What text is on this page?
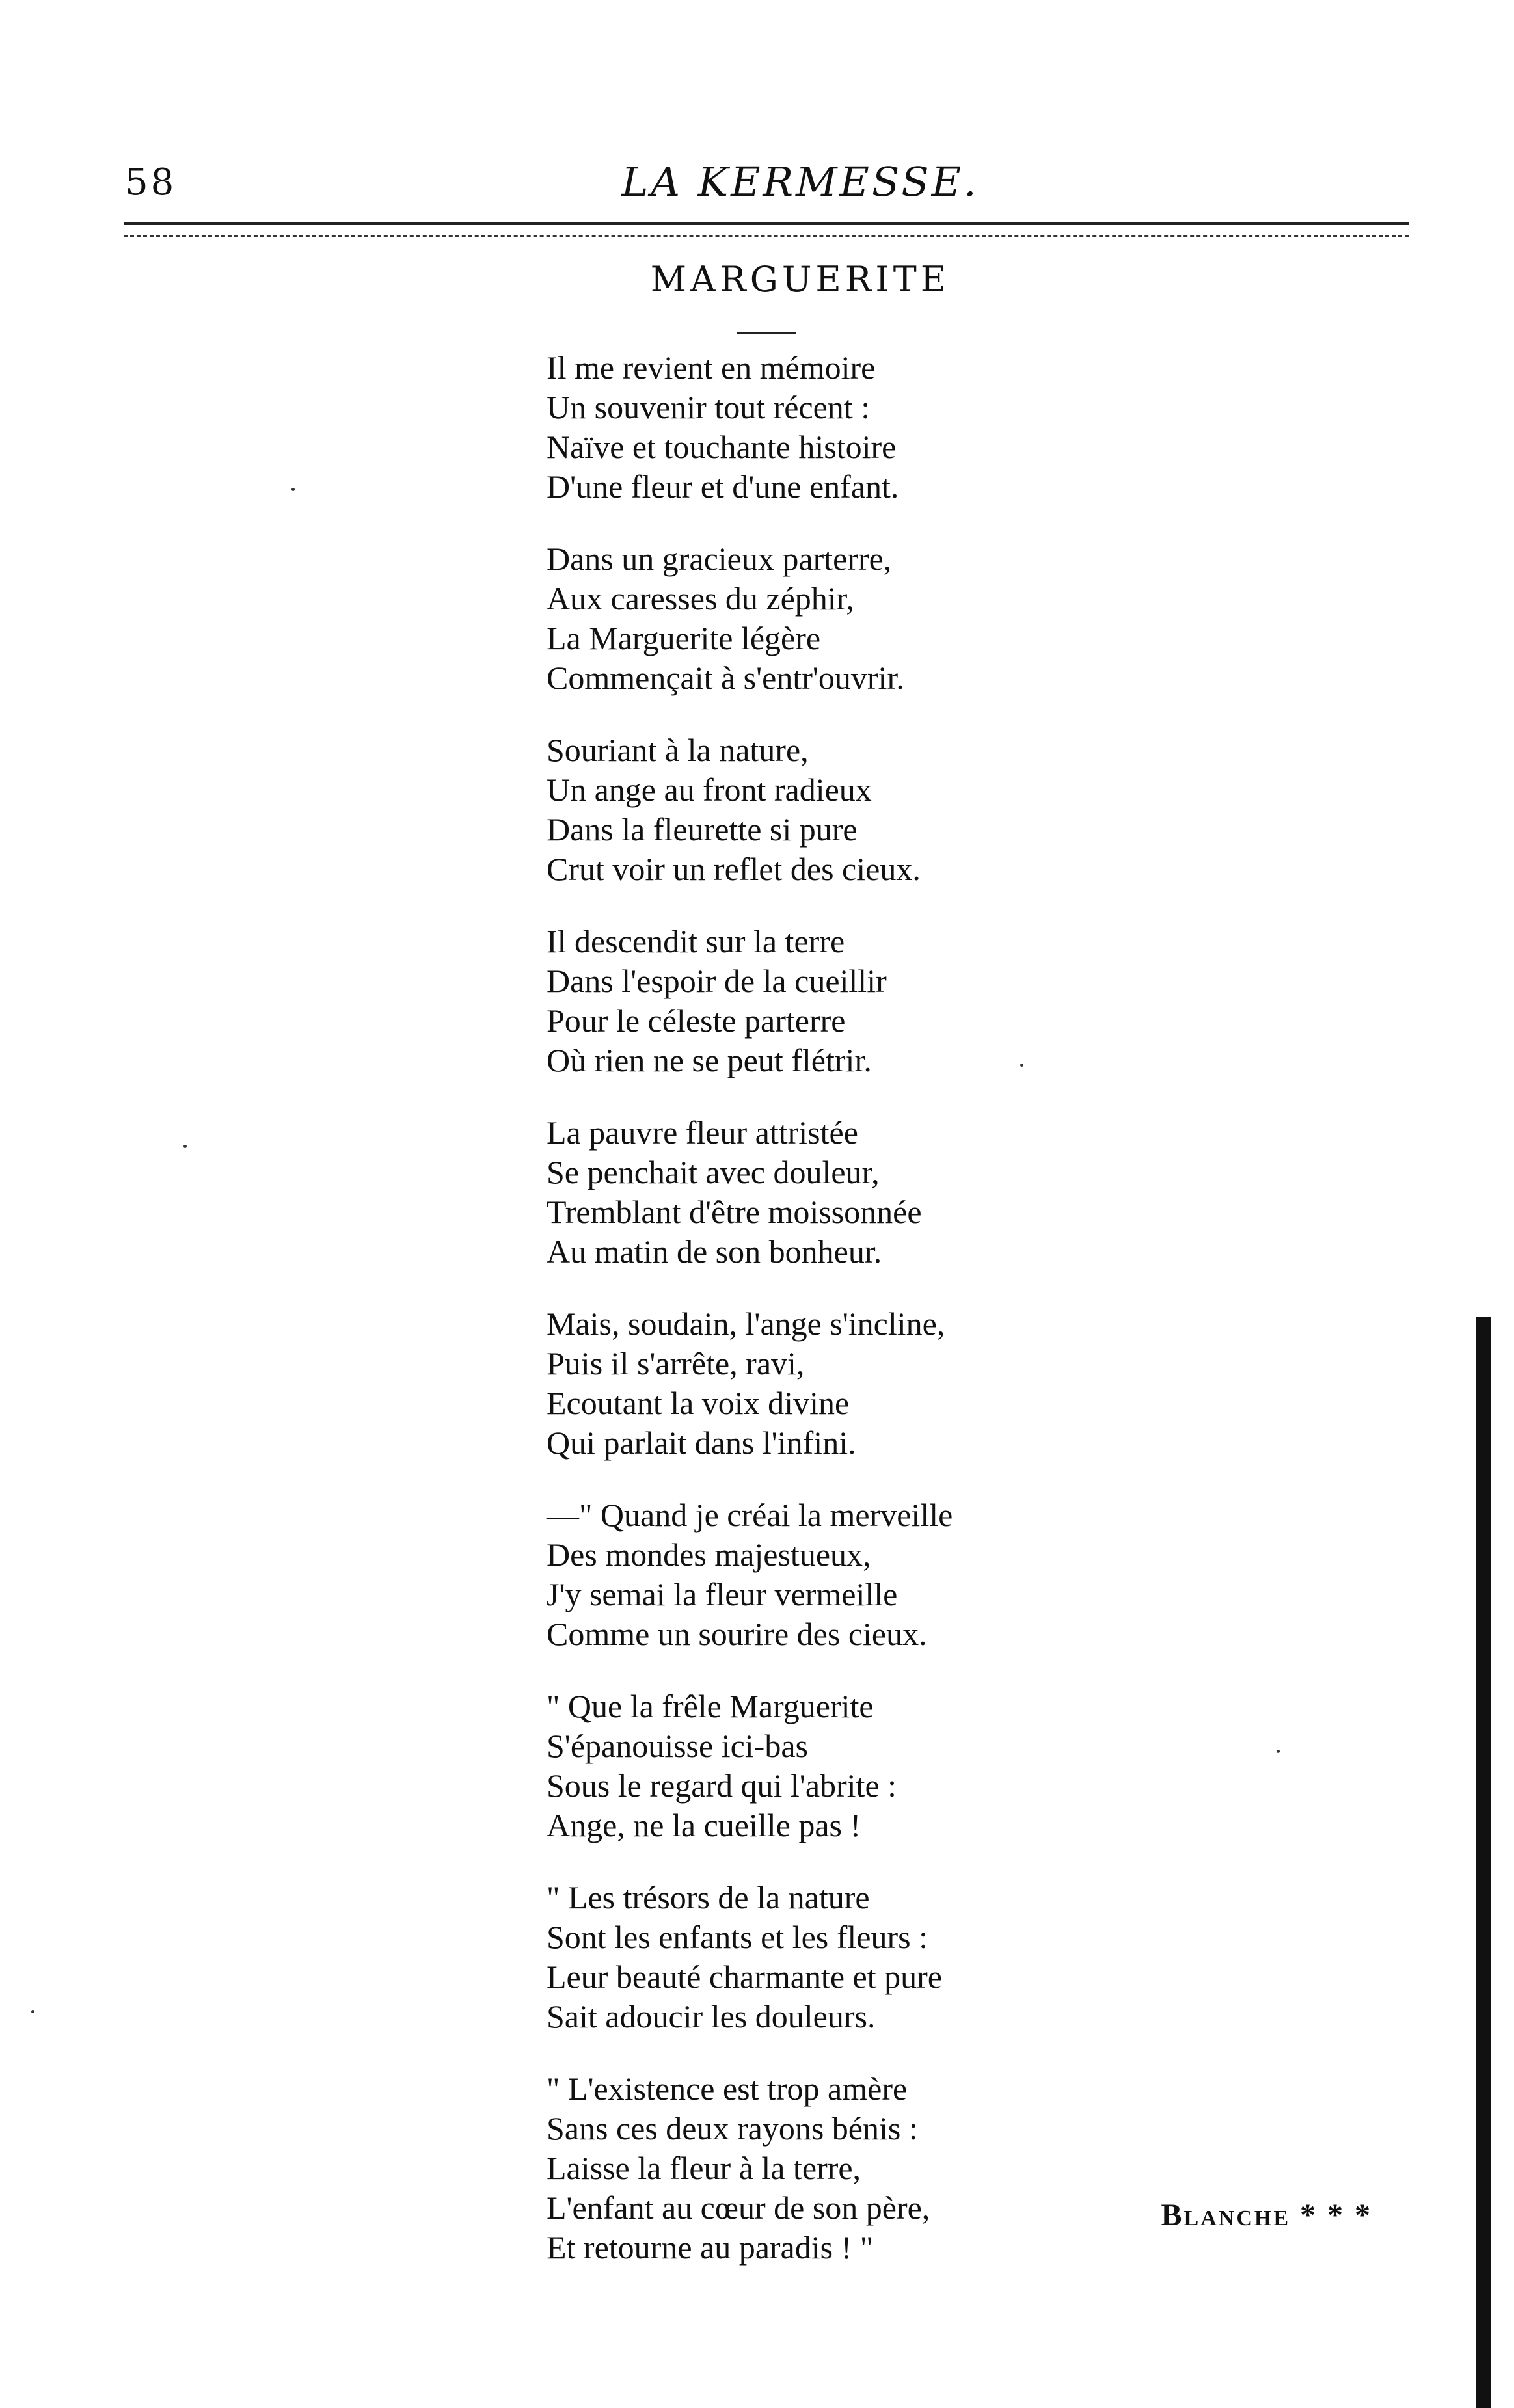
58	LA KERMESSE.
MARGUERITE
Il me revient en mémoire
Un souvenir tout récent :
Naïve et touchante histoire
D'une fleur et d'une enfant.
Dans un gracieux parterre,
Aux caresses du zéphir,
La Marguerite légère
Commençait à s'entr'ouvrir.
Souriant à la nature,
Un ange au front radieux
Dans la fleurette si pure
Crut voir un reflet des cieux.
Il descendit sur la terre
Dans l'espoir de la cueillir
Pour le céleste parterre
Où rien ne se peut flétrir.
La pauvre fleur attristée
Se penchait avec douleur,
Tremblant d'être moissonnée
Au matin de son bonheur.
Mais, soudain, l'ange s'incline,
Puis il s'arrête, ravi,
Ecoutant la voix divine
Qui parlait dans l'infini.
—" Quand je créai la merveille
Des mondes majestueux,
J'y semai la fleur vermeille
Comme un sourire des cieux.
" Que la frêle Marguerite
S'épanouisse ici-bas
Sous le regard qui l'abrite :
Ange, ne la cueille pas !
" Les trésors de la nature
Sont les enfants et les fleurs :
Leur beauté charmante et pure
Sait adoucir les douleurs.
" L'existence est trop amère
Sans ces deux rayons bénis :
Laisse la fleur à la terre,
L'enfant au cœur de son père,
Et retourne au paradis ! "
Blanche * * *
